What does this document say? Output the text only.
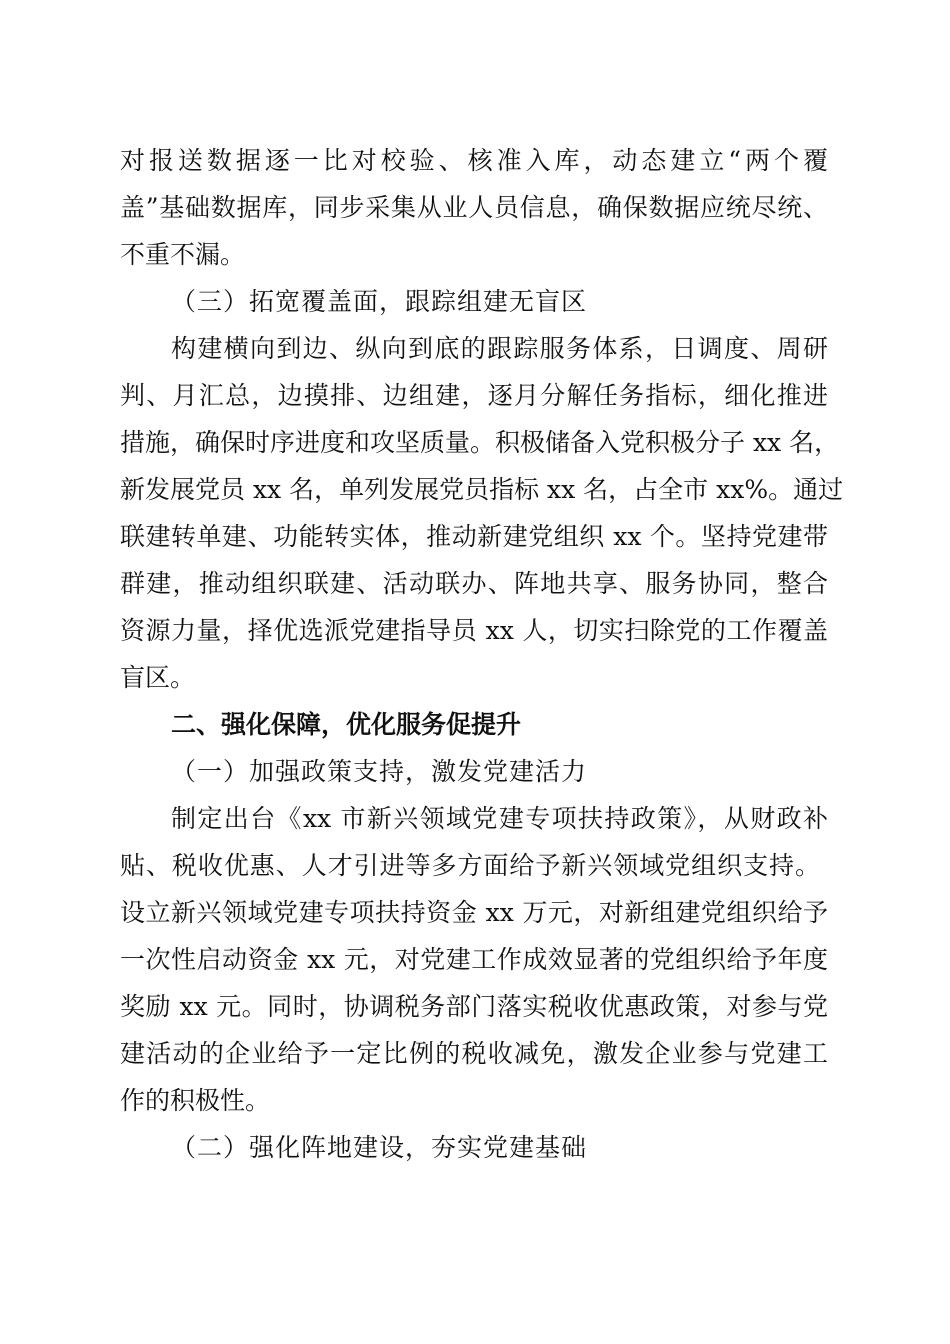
对报送数据逐一比对校验、核准入库，动态建立“两个覆
盖”基础数据库，同步采集从业人员信息，确保数据应统尽统、
不重不漏。
（三）拓宽覆盖面，跟踪组建无盲区
构建横向到边、纵向到底的跟踪服务体系，日调度、周研
判、月汇总，边摸排、边组建，逐月分解任务指标，细化推进
措施，确保时序进度和攻坚质量。积极储备入党积极分子 xx 名，
新发展党员 xx 名，单列发展党员指标 xx 名，占全市 xx%。通过
联建转单建、功能转实体，推动新建党组织 xx 个。坚持党建带
群建，推动组织联建、活动联办、阵地共享、服务协同，整合
资源力量，择优选派党建指导员 xx 人，切实扫除党的工作覆盖
盲区。
二、强化保障，优化服务促提升
（一）加强政策支持，激发党建活力
制定出台《xx 市新兴领域党建专项扶持政策》，从财政补
贴、税收优惠、人才引进等多方面给予新兴领域党组织支持。
设立新兴领域党建专项扶持资金 xx 万元，对新组建党组织给予
一次性启动资金 xx 元，对党建工作成效显著的党组织给予年度
奖励 xx 元。同时，协调税务部门落实税收优惠政策，对参与党
建活动的企业给予一定比例的税收减免，激发企业参与党建工
作的积极性。
（二）强化阵地建设，夯实党建基础
